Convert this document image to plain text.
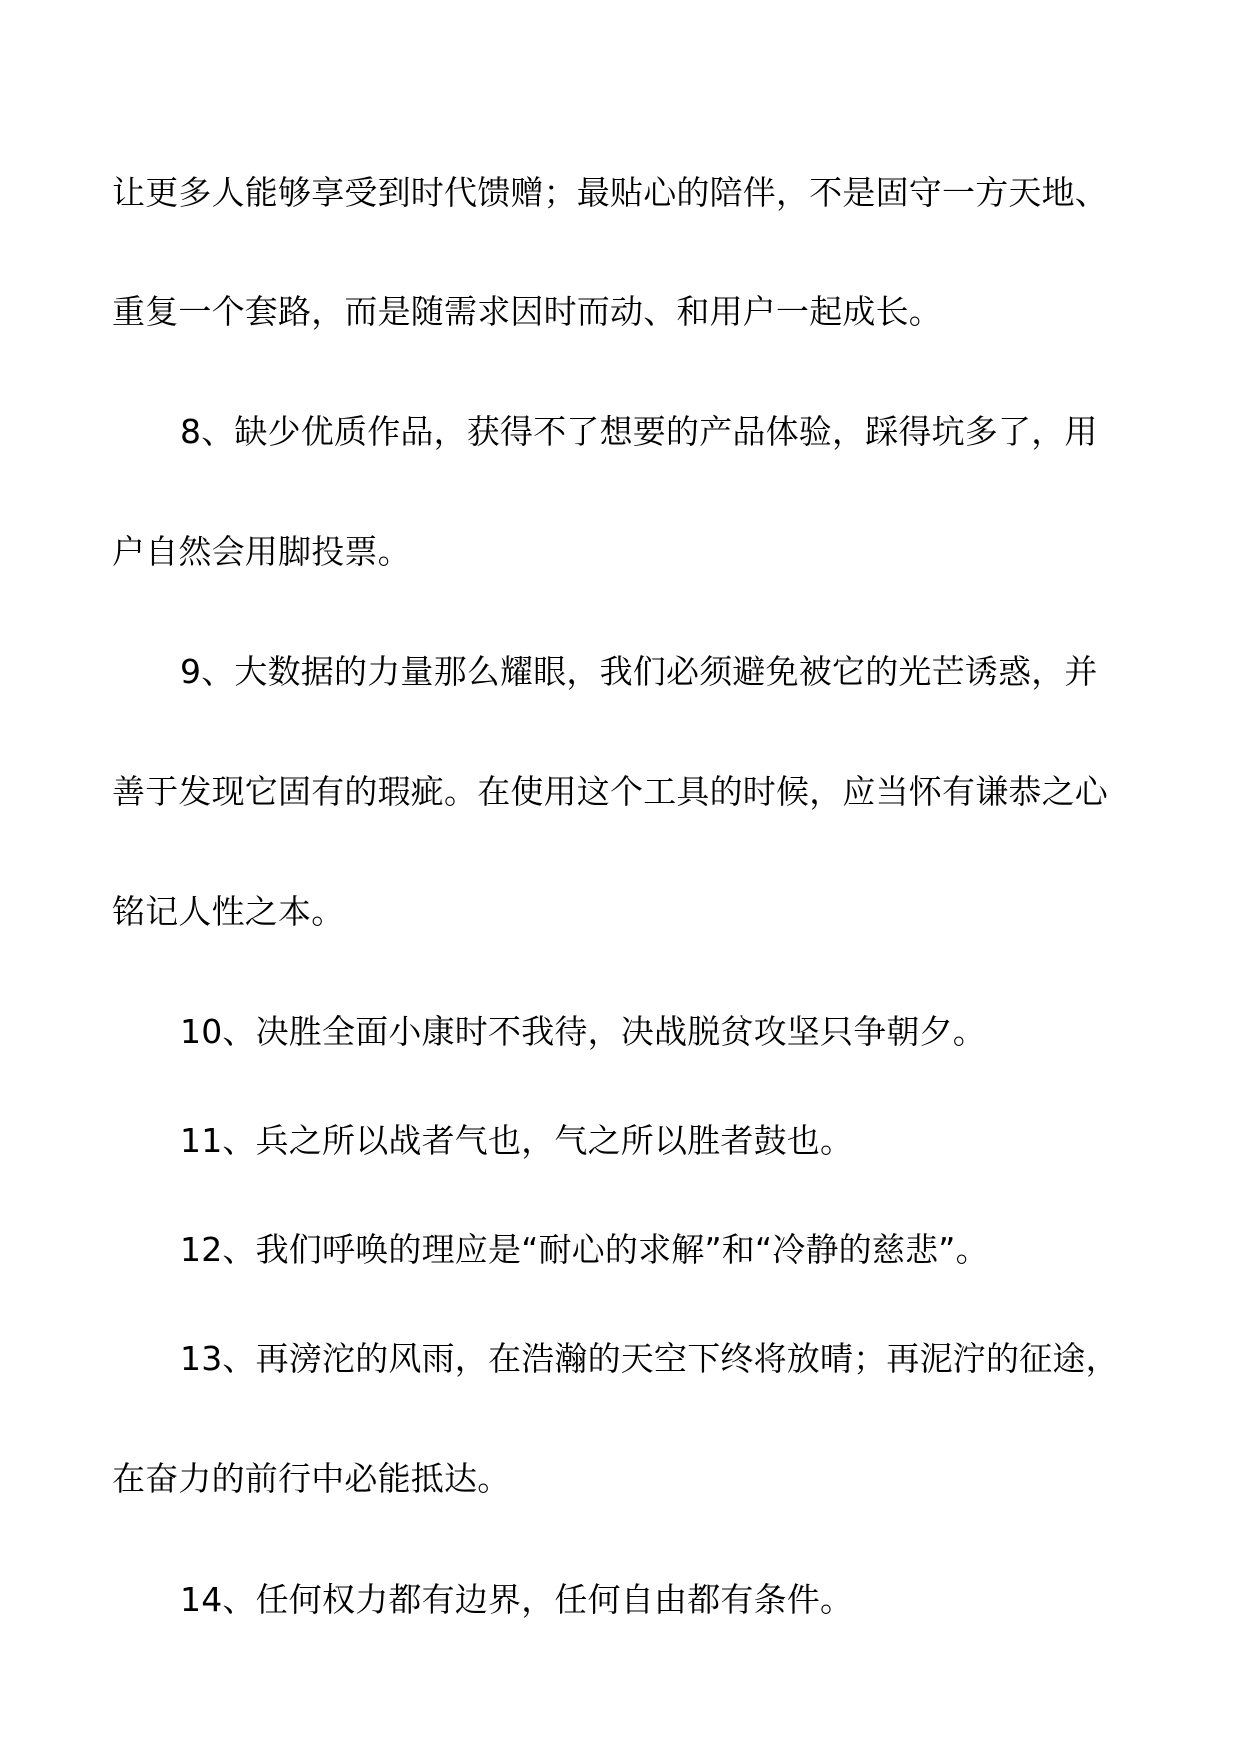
让更多人能够享受到时代馈赠；最贴心的陪伴，不是固守一方天地、
重复一个套路，而是随需求因时而动、和用户一起成长。
8、缺少优质作品，获得不了想要的产品体验，踩得坑多了，用
户自然会用脚投票。
9、大数据的力量那么耀眼，我们必须避免被它的光芒诱惑，并
善于发现它固有的瑕疵。在使用这个工具的时候，应当怀有谦恭之心
铭记人性之本。
10、决胜全面小康时不我待，决战脱贫攻坚只争朝夕。
11、兵之所以战者气也，气之所以胜者鼓也。
12、我们呼唤的理应是“耐心的求解”和“冷静的慈悲”。
13、再滂沱的风雨，在浩瀚的天空下终将放晴；再泥泞的征途，
在奋力的前行中必能抵达。
14、任何权力都有边界，任何自由都有条件。
